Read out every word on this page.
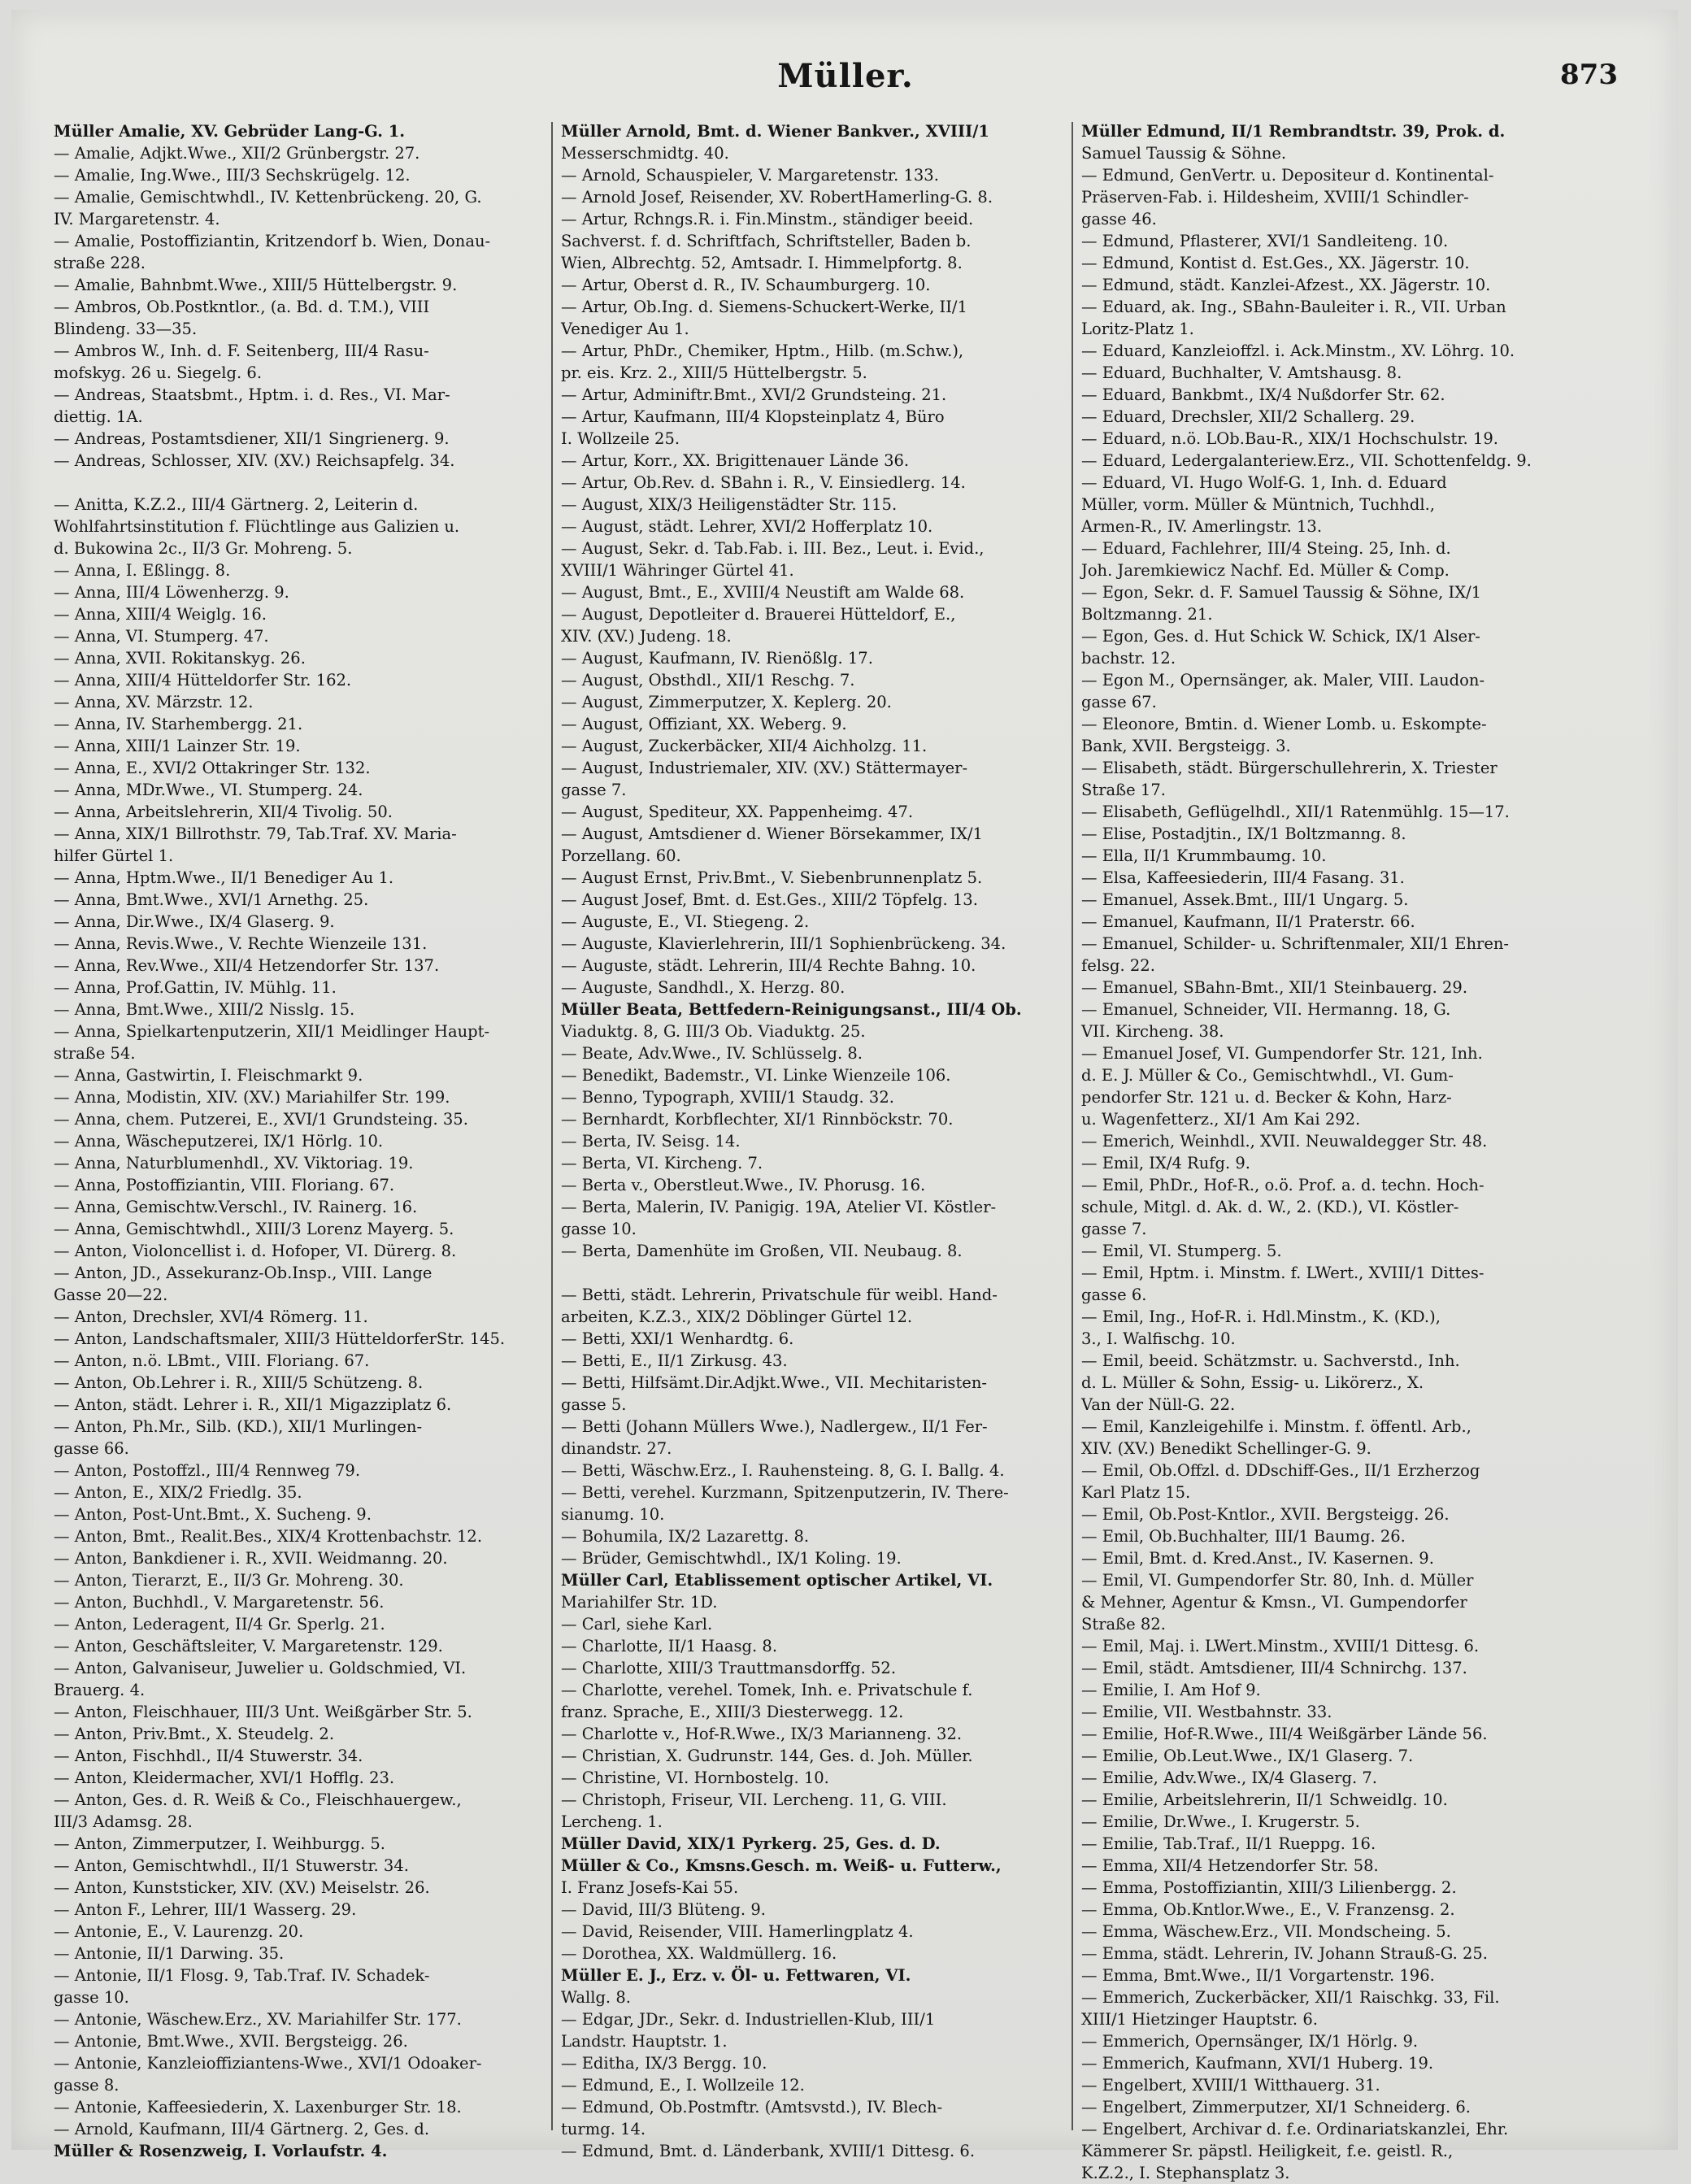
Müller.	873

Müller Amalie, XV. Gebrüder Lang-G. 1.

— Amalie, Adjkt.Wwe., XII/2 Grünbergstr. 27.

— Amalie, Ing.Wwe., III/3 Sechskrügelg. 12.

— Amalie, Gemischtwhdl., IV. Kettenbrückeng. 20, G.

IV. Margaretenstr. 4.

— Amalie, Postoffiziantin, Kritzendorf b. Wien, Donau-

straße 228.

— Amalie, Bahnbmt.Wwe., XIII/5 Hüttelbergstr. 9.

— Ambros, Ob.Postkntlor., (a. Bd. d. T.M.), VIII

Blindeng. 33—35.

— Ambros W., Inh. d. F. Seitenberg, III/4 Rasu-

mofskyg. 26 u. Siegelg. 6.

— Andreas, Staatsbmt., Hptm. i. d. Res., VI. Mar-

diettig. 1A.

— Andreas, Postamtsdiener, XII/1 Singrienerg. 9.

— Andreas, Schlosser, XIV. (XV.) Reichsapfelg. 34.

— Anitta, K.Z.2., III/4 Gärtnerg. 2, Leiterin d.

Wohlfahrtsinstitution f. Flüchtlinge aus Galizien u.

d. Bukowina 2c., II/3 Gr. Mohreng. 5.

— Anna, I. Eßlingg. 8.

— Anna, III/4 Löwenherzg. 9.

— Anna, XIII/4 Weiglg. 16.

— Anna, VI. Stumperg. 47.

— Anna, XVII. Rokitanskyg. 26.

— Anna, XIII/4 Hütteldorfer Str. 162.

— Anna, XV. Märzstr. 12.

— Anna, IV. Starhembergg. 21.

— Anna, XIII/1 Lainzer Str. 19.

— Anna, E., XVI/2 Ottakringer Str. 132.

— Anna, MDr.Wwe., VI. Stumperg. 24.

— Anna, Arbeitslehrerin, XII/4 Tivolig. 50.

— Anna, XIX/1 Billrothstr. 79, Tab.Traf. XV. Maria-

hilfer Gürtel 1.

— Anna, Hptm.Wwe., II/1 Benediger Au 1.

— Anna, Bmt.Wwe., XVI/1 Arnethg. 25.

— Anna, Dir.Wwe., IX/4 Glaserg. 9.

— Anna, Revis.Wwe., V. Rechte Wienzeile 131.

— Anna, Rev.Wwe., XII/4 Hetzendorfer Str. 137.

— Anna, Prof.Gattin, IV. Mühlg. 11.

— Anna, Bmt.Wwe., XIII/2 Nisslg. 15.

— Anna, Spielkartenputzerin, XII/1 Meidlinger Haupt-

straße 54.

— Anna, Gastwirtin, I. Fleischmarkt 9.

— Anna, Modistin, XIV. (XV.) Mariahilfer Str. 199.

— Anna, chem. Putzerei, E., XVI/1 Grundsteing. 35.

— Anna, Wäscheputzerei, IX/1 Hörlg. 10.

— Anna, Naturblumenhdl., XV. Viktoriag. 19.

— Anna, Postoffiziantin, VIII. Floriang. 67.

— Anna, Gemischtw.Verschl., IV. Rainerg. 16.

— Anna, Gemischtwhdl., XIII/3 Lorenz Mayerg. 5.

— Anton, Violoncellist i. d. Hofoper, VI. Dürerg. 8.

— Anton, JD., Assekuranz-Ob.Insp., VIII. Lange

Gasse 20—22.

— Anton, Drechsler, XVI/4 Römerg. 11.

— Anton, Landschaftsmaler, XIII/3 HütteldorferStr. 145.

— Anton, n.ö. LBmt., VIII. Floriang. 67.

— Anton, Ob.Lehrer i. R., XIII/5 Schützeng. 8.

— Anton, städt. Lehrer i. R., XII/1 Migazziplatz 6.

— Anton, Ph.Mr., Silb. (KD.), XII/1 Murlingen-

gasse 66.

— Anton, Postoffzl., III/4 Rennweg 79.

— Anton, E., XIX/2 Friedlg. 35.

— Anton, Post-Unt.Bmt., X. Sucheng. 9.

— Anton, Bmt., Realit.Bes., XIX/4 Krottenbachstr. 12.

— Anton, Bankdiener i. R., XVII. Weidmanng. 20.

— Anton, Tierarzt, E., II/3 Gr. Mohreng. 30.

— Anton, Buchhdl., V. Margaretenstr. 56.

— Anton, Lederagent, II/4 Gr. Sperlg. 21.

— Anton, Geschäftsleiter, V. Margaretenstr. 129.

— Anton, Galvaniseur, Juwelier u. Goldschmied, VI.

Brauerg. 4.

— Anton, Fleischhauer, III/3 Unt. Weißgärber Str. 5.

— Anton, Priv.Bmt., X. Steudelg. 2.

— Anton, Fischhdl., II/4 Stuwerstr. 34.

— Anton, Kleidermacher, XVI/1 Hofflg. 23.

— Anton, Ges. d. R. Weiß & Co., Fleischhauergew.,

III/3 Adamsg. 28.

— Anton, Zimmerputzer, I. Weihburgg. 5.

— Anton, Gemischtwhdl., II/1 Stuwerstr. 34.

— Anton, Kunststicker, XIV. (XV.) Meiselstr. 26.

— Anton F., Lehrer, III/1 Wasserg. 29.

— Antonie, E., V. Laurenzg. 20.

— Antonie, II/1 Darwing. 35.

— Antonie, II/1 Flosg. 9, Tab.Traf. IV. Schadek-

gasse 10.

— Antonie, Wäschew.Erz., XV. Mariahilfer Str. 177.

— Antonie, Bmt.Wwe., XVII. Bergsteigg. 26.

— Antonie, Kanzleioffiziantens-Wwe., XVI/1 Odoaker-

gasse 8.

— Antonie, Kaffeesiederin, X. Laxenburger Str. 18.

— Arnold, Kaufmann, III/4 Gärtnerg. 2, Ges. d.

Müller & Rosenzweig, I. Vorlaufstr. 4.

Müller Arnold, Bmt. d. Wiener Bankver., XVIII/1

Messerschmidtg. 40.

— Arnold, Schauspieler, V. Margaretenstr. 133.

— Arnold Josef, Reisender, XV. RobertHamerling-G. 8.

— Artur, Rchngs.R. i. Fin.Minstm., ständiger beeid.

Sachverst. f. d. Schriftfach, Schriftsteller, Baden b.

Wien, Albrechtg. 52, Amtsadr. I. Himmelpfortg. 8.

— Artur, Oberst d. R., IV. Schaumburgerg. 10.

— Artur, Ob.Ing. d. Siemens-Schuckert-Werke, II/1

Venediger Au 1.

— Artur, PhDr., Chemiker, Hptm., Hilb. (m.Schw.),

pr. eis. Krz. 2., XIII/5 Hüttelbergstr. 5.

— Artur, Adminiftr.Bmt., XVI/2 Grundsteing. 21.

— Artur, Kaufmann, III/4 Klopsteinplatz 4, Büro

I. Wollzeile 25.

— Artur, Korr., XX. Brigittenauer Lände 36.

— Artur, Ob.Rev. d. SBahn i. R., V. Einsiedlerg. 14.

— August, XIX/3 Heiligenstädter Str. 115.

— August, städt. Lehrer, XVI/2 Hofferplatz 10.

— August, Sekr. d. Tab.Fab. i. III. Bez., Leut. i. Evid.,

XVIII/1 Währinger Gürtel 41.

— August, Bmt., E., XVIII/4 Neustift am Walde 68.

— August, Depotleiter d. Brauerei Hütteldorf, E.,

XIV. (XV.) Judeng. 18.

— August, Kaufmann, IV. Rienößlg. 17.

— August, Obsthdl., XII/1 Reschg. 7.

— August, Zimmerputzer, X. Keplerg. 20.

— August, Offiziant, XX. Weberg. 9.

— August, Zuckerbäcker, XII/4 Aichholzg. 11.

— August, Industriemaler, XIV. (XV.) Stättermayer-

gasse 7.

— August, Spediteur, XX. Pappenheimg. 47.

— August, Amtsdiener d. Wiener Börsekammer, IX/1

Porzellang. 60.

— August Ernst, Priv.Bmt., V. Siebenbrunnenplatz 5.

— August Josef, Bmt. d. Est.Ges., XIII/2 Töpfelg. 13.

— Auguste, E., VI. Stiegeng. 2.

— Auguste, Klavierlehrerin, III/1 Sophienbrückeng. 34.

— Auguste, städt. Lehrerin, III/4 Rechte Bahng. 10.

— Auguste, Sandhdl., X. Herzg. 80.

Müller Beata, Bettfedern-Reinigungsanst., III/4 Ob.

Viaduktg. 8, G. III/3 Ob. Viaduktg. 25.

— Beate, Adv.Wwe., IV. Schlüsselg. 8.

— Benedikt, Bademstr., VI. Linke Wienzeile 106.

— Benno, Typograph, XVIII/1 Staudg. 32.

— Bernhardt, Korbflechter, XI/1 Rinnböckstr. 70.

— Berta, IV. Seisg. 14.

— Berta, VI. Kircheng. 7.

— Berta v., Oberstleut.Wwe., IV. Phorusg. 16.

— Berta, Malerin, IV. Panigig. 19A, Atelier VI. Köstler-

gasse 10.

— Berta, Damenhüte im Großen, VII. Neubaug. 8.

— Betti, städt. Lehrerin, Privatschule für weibl. Hand-

arbeiten, K.Z.3., XIX/2 Döblinger Gürtel 12.

— Betti, XXI/1 Wenhardtg. 6.

— Betti, E., II/1 Zirkusg. 43.

— Betti, Hilfsämt.Dir.Adjkt.Wwe., VII. Mechitaristen-

gasse 5.

— Betti (Johann Müllers Wwe.), Nadlergew., II/1 Fer-

dinandstr. 27.

— Betti, Wäschw.Erz., I. Rauhensteing. 8, G. I. Ballg. 4.

— Betti, verehel. Kurzmann, Spitzenputzerin, IV. There-

sianumg. 10.

— Bohumila, IX/2 Lazarettg. 8.

— Brüder, Gemischtwhdl., IX/1 Koling. 19.

Müller Carl, Etablissement optischer Artikel, VI.

Mariahilfer Str. 1D.

— Carl, siehe Karl.

— Charlotte, II/1 Haasg. 8.

— Charlotte, XIII/3 Trauttmansdorffg. 52.

— Charlotte, verehel. Tomek, Inh. e. Privatschule f.

franz. Sprache, E., XIII/3 Diesterwegg. 12.

— Charlotte v., Hof-R.Wwe., IX/3 Marianneng. 32.

— Christian, X. Gudrunstr. 144, Ges. d. Joh. Müller.

— Christine, VI. Hornbostelg. 10.

— Christoph, Friseur, VII. Lercheng. 11, G. VIII.

Lercheng. 1.

Müller David, XIX/1 Pyrkerg. 25, Ges. d. D.

Müller & Co., Kmsns.Gesch. m. Weiß- u. Futterw.,

I. Franz Josefs-Kai 55.

— David, III/3 Blüteng. 9.

— David, Reisender, VIII. Hamerlingplatz 4.

— Dorothea, XX. Waldmüllerg. 16.

Müller E. J., Erz. v. Öl- u. Fettwaren, VI.

Wallg. 8.

— Edgar, JDr., Sekr. d. Industriellen-Klub, III/1

Landstr. Hauptstr. 1.

— Editha, IX/3 Bergg. 10.

— Edmund, E., I. Wollzeile 12.

— Edmund, Ob.Postmftr. (Amtsvstd.), IV. Blech-

turmg. 14.

— Edmund, Bmt. d. Länderbank, XVIII/1 Dittesg. 6.

Müller Edmund, II/1 Rembrandtstr. 39, Prok. d.

Samuel Taussig & Söhne.

— Edmund, GenVertr. u. Depositeur d. Kontinental-

Präserven-Fab. i. Hildesheim, XVIII/1 Schindler-

gasse 46.

— Edmund, Pflasterer, XVI/1 Sandleiteng. 10.

— Edmund, Kontist d. Est.Ges., XX. Jägerstr. 10.

— Edmund, städt. Kanzlei-Afzest., XX. Jägerstr. 10.

— Eduard, ak. Ing., SBahn-Bauleiter i. R., VII. Urban

Loritz-Platz 1.

— Eduard, Kanzleioffzl. i. Ack.Minstm., XV. Löhrg. 10.

— Eduard, Buchhalter, V. Amtshausg. 8.

— Eduard, Bankbmt., IX/4 Nußdorfer Str. 62.

— Eduard, Drechsler, XII/2 Schallerg. 29.

— Eduard, n.ö. LOb.Bau-R., XIX/1 Hochschulstr. 19.

— Eduard, Ledergalanteriew.Erz., VII. Schottenfeldg. 9.

— Eduard, VI. Hugo Wolf-G. 1, Inh. d. Eduard

Müller, vorm. Müller & Müntnich, Tuchhdl.,

Armen-R., IV. Amerlingstr. 13.

— Eduard, Fachlehrer, III/4 Steing. 25, Inh. d.

Joh. Jaremkiewicz Nachf. Ed. Müller & Comp.

— Egon, Sekr. d. F. Samuel Taussig & Söhne, IX/1

Boltzmanng. 21.

— Egon, Ges. d. Hut Schick W. Schick, IX/1 Alser-

bachstr. 12.

— Egon M., Opernsänger, ak. Maler, VIII. Laudon-

gasse 67.

— Eleonore, Bmtin. d. Wiener Lomb. u. Eskompte-

Bank, XVII. Bergsteigg. 3.

— Elisabeth, städt. Bürgerschullehrerin, X. Triester

Straße 17.

— Elisabeth, Geflügelhdl., XII/1 Ratenmühlg. 15—17.

— Elise, Postadjtin., IX/1 Boltzmanng. 8.

— Ella, II/1 Krummbaumg. 10.

— Elsa, Kaffeesiederin, III/4 Fasang. 31.

— Emanuel, Assek.Bmt., III/1 Ungarg. 5.

— Emanuel, Kaufmann, II/1 Praterstr. 66.

— Emanuel, Schilder- u. Schriftenmaler, XII/1 Ehren-

felsg. 22.

— Emanuel, SBahn-Bmt., XII/1 Steinbauerg. 29.

— Emanuel, Schneider, VII. Hermanng. 18, G.

VII. Kircheng. 38.

— Emanuel Josef, VI. Gumpendorfer Str. 121, Inh.

d. E. J. Müller & Co., Gemischtwhdl., VI. Gum-

pendorfer Str. 121 u. d. Becker & Kohn, Harz-

u. Wagenfetterz., XI/1 Am Kai 292.

— Emerich, Weinhdl., XVII. Neuwaldegger Str. 48.

— Emil, IX/4 Rufg. 9.

— Emil, PhDr., Hof-R., o.ö. Prof. a. d. techn. Hoch-

schule, Mitgl. d. Ak. d. W., 2. (KD.), VI. Köstler-

gasse 7.

— Emil, VI. Stumperg. 5.

— Emil, Hptm. i. Minstm. f. LWert., XVIII/1 Dittes-

gasse 6.

— Emil, Ing., Hof-R. i. Hdl.Minstm., K. (KD.),

3., I. Walfischg. 10.

— Emil, beeid. Schätzmstr. u. Sachverstd., Inh.

d. L. Müller & Sohn, Essig- u. Likörerz., X.

Van der Nüll-G. 22.

— Emil, Kanzleigehilfe i. Minstm. f. öffentl. Arb.,

XIV. (XV.) Benedikt Schellinger-G. 9.

— Emil, Ob.Offzl. d. DDschiff-Ges., II/1 Erzherzog

Karl Platz 15.

— Emil, Ob.Post-Kntlor., XVII. Bergsteigg. 26.

— Emil, Ob.Buchhalter, III/1 Baumg. 26.

— Emil, Bmt. d. Kred.Anst., IV. Kasernen. 9.

— Emil, VI. Gumpendorfer Str. 80, Inh. d. Müller

& Mehner, Agentur & Kmsn., VI. Gumpendorfer

Straße 82.

— Emil, Maj. i. LWert.Minstm., XVIII/1 Dittesg. 6.

— Emil, städt. Amtsdiener, III/4 Schnirchg. 137.

— Emilie, I. Am Hof 9.

— Emilie, VII. Westbahnstr. 33.

— Emilie, Hof-R.Wwe., III/4 Weißgärber Lände 56.

— Emilie, Ob.Leut.Wwe., IX/1 Glaserg. 7.

— Emilie, Adv.Wwe., IX/4 Glaserg. 7.

— Emilie, Arbeitslehrerin, II/1 Schweidlg. 10.

— Emilie, Dr.Wwe., I. Krugerstr. 5.

— Emilie, Tab.Traf., II/1 Rueppg. 16.

— Emma, XII/4 Hetzendorfer Str. 58.

— Emma, Postoffiziantin, XIII/3 Lilienbergg. 2.

— Emma, Ob.Kntlor.Wwe., E., V. Franzensg. 2.

— Emma, Wäschew.Erz., VII. Mondscheing. 5.

— Emma, städt. Lehrerin, IV. Johann Strauß-G. 25.

— Emma, Bmt.Wwe., II/1 Vorgartenstr. 196.

— Emmerich, Zuckerbäcker, XII/1 Raischkg. 33, Fil.

XIII/1 Hietzinger Hauptstr. 6.

— Emmerich, Opernsänger, IX/1 Hörlg. 9.

— Emmerich, Kaufmann, XVI/1 Huberg. 19.

— Engelbert, XVIII/1 Witthauerg. 31.

— Engelbert, Zimmerputzer, XI/1 Schneiderg. 6.

— Engelbert, Archivar d. f.e. Ordinariatskanzlei, Ehr.

Kämmerer Sr. päpstl. Heiligkeit, f.e. geistl. R.,

K.Z.2., I. Stephansplatz 3.
